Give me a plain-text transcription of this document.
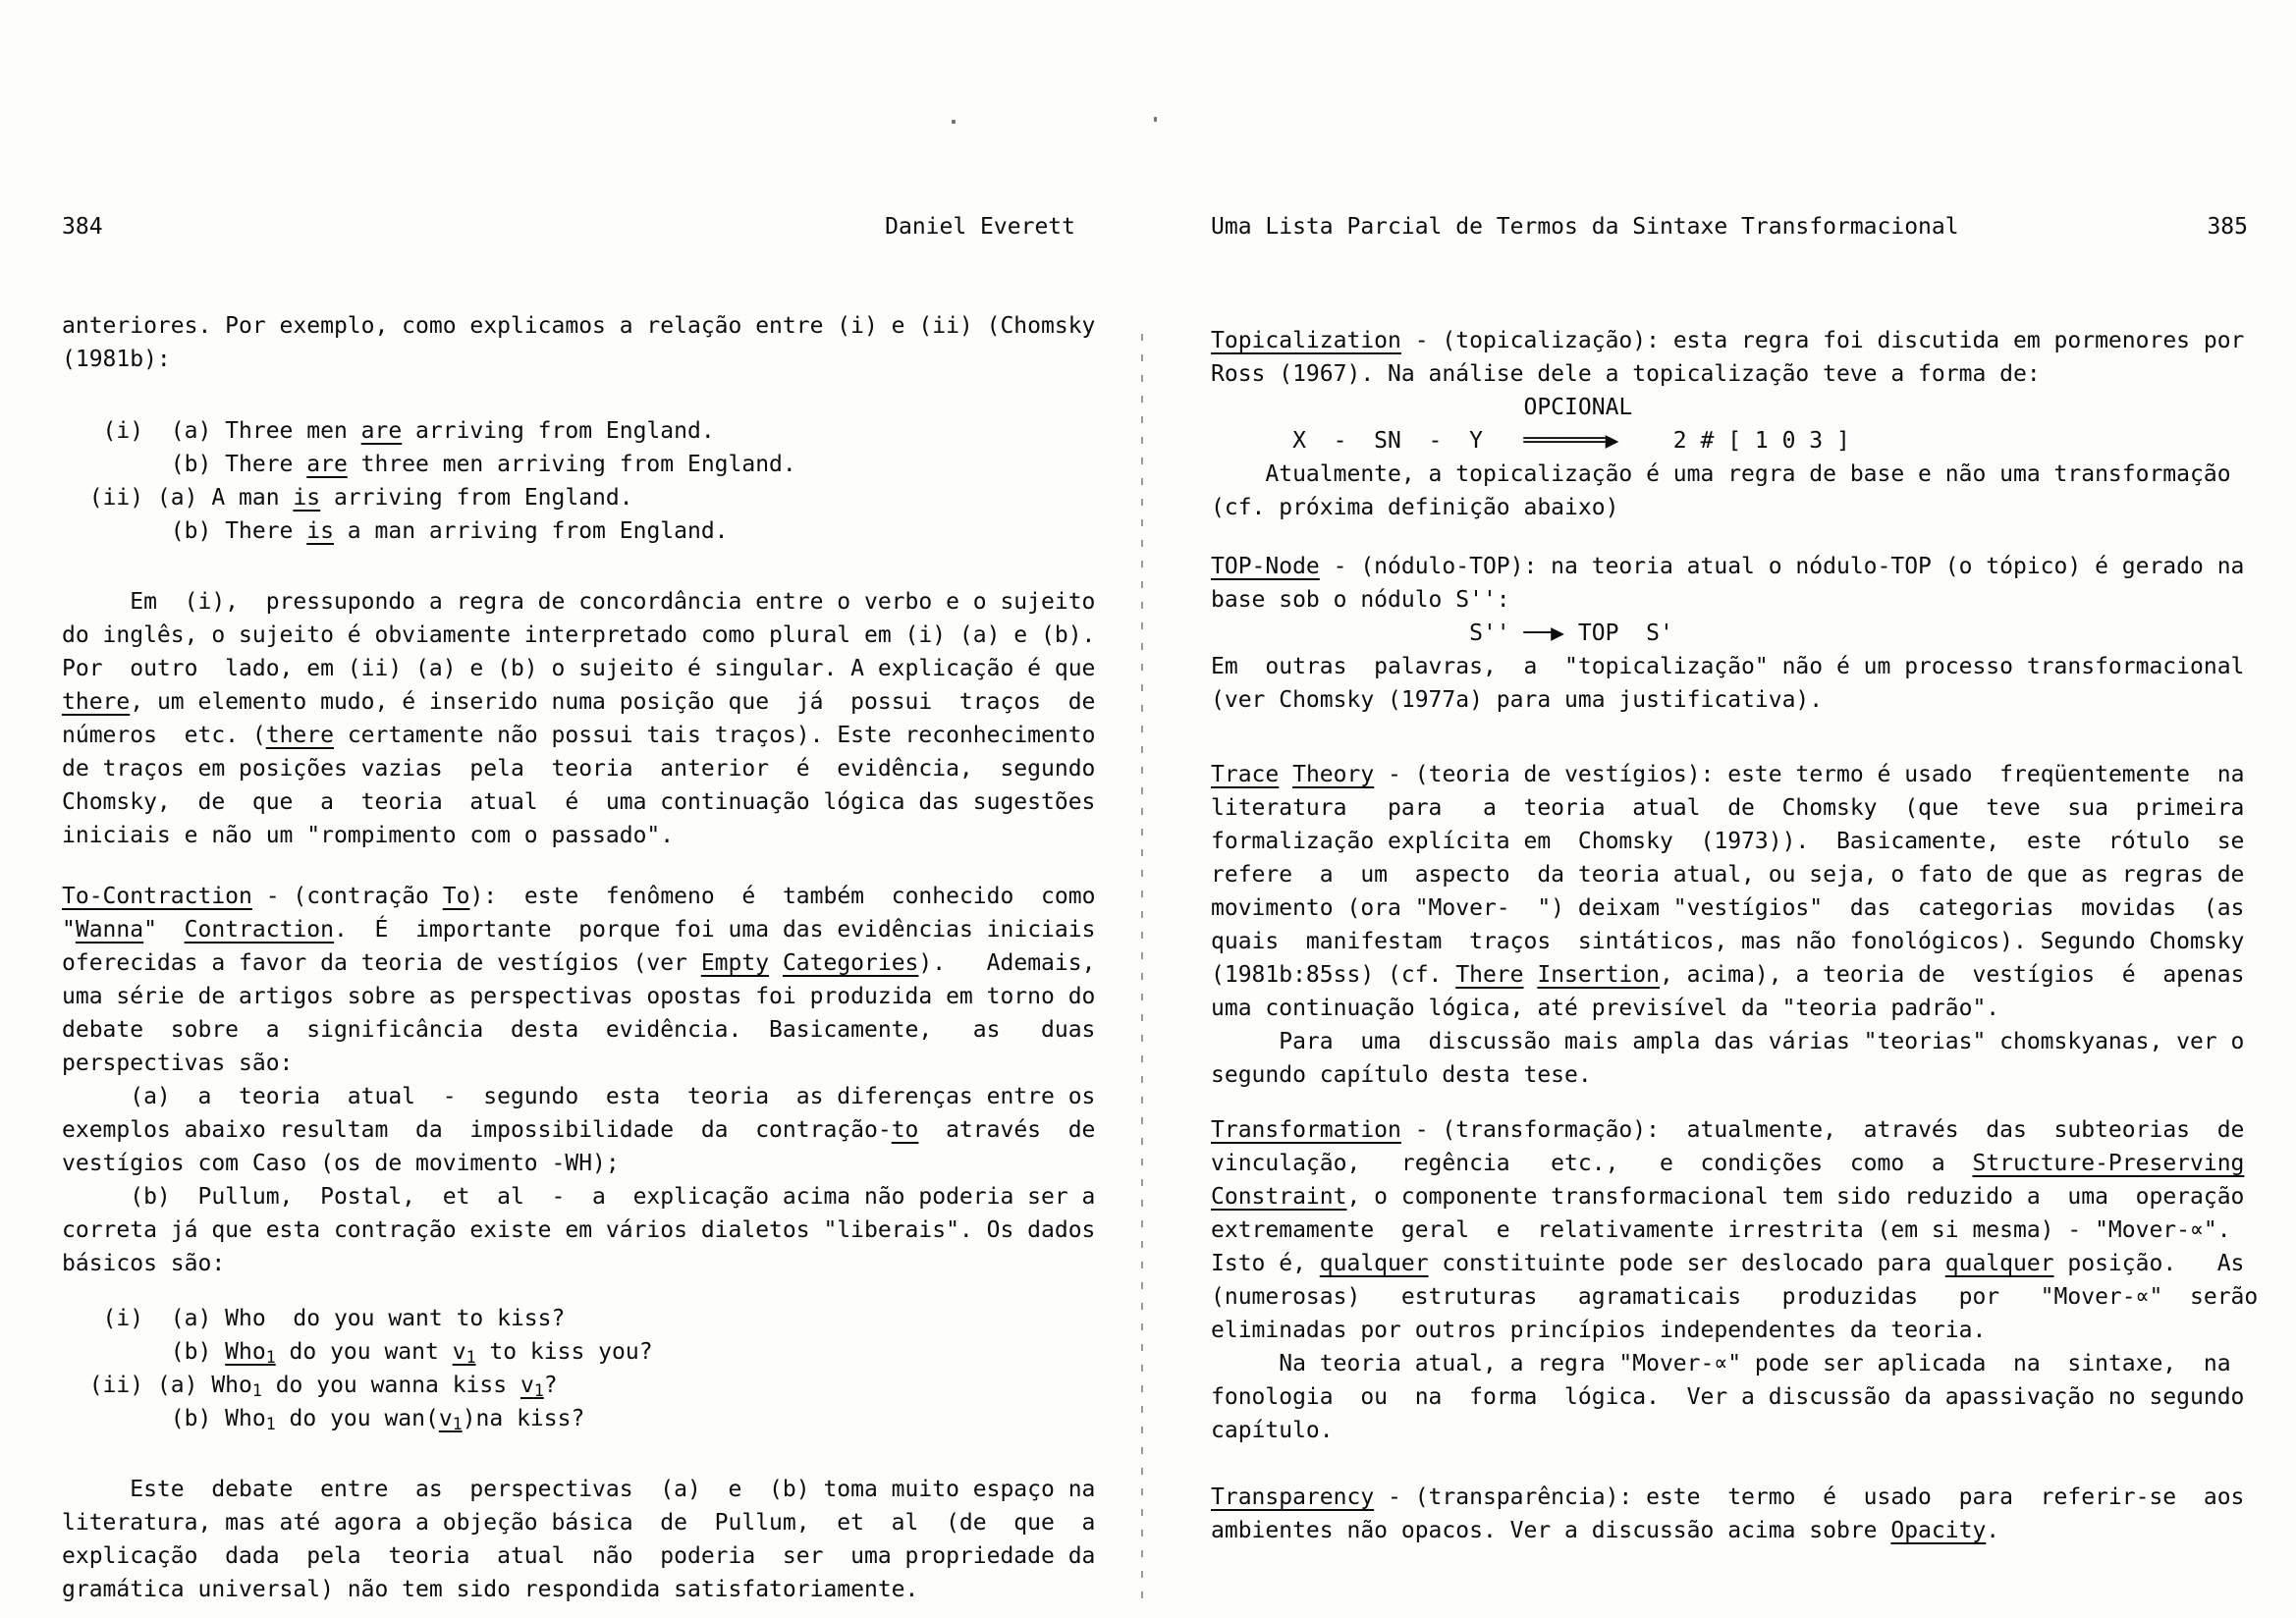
384	Daniel Everett	Uma Lista Parcial de Termos da Sintaxe Transformacional	385
anteriores. Por exemplo, como explicamos a relação entre (i) e (ii) (Chomsky
(1981b):
(i)  (a) Three men are arriving from England.
(b) There are three men arriving from England.
(ii) (a) A man is arriving from England.
(b) There is a man arriving from England.
Em  (i),  pressupondo a regra de concordância entre o verbo e o sujeito
do inglês, o sujeito é obviamente interpretado como plural em (i) (a) e (b).
Por  outro  lado, em (ii) (a) e (b) o sujeito é singular. A explicação é que
there, um elemento mudo, é inserido numa posição que  já  possui  traços  de
números  etc. (there certamente não possui tais traços). Este reconhecimento
de traços em posições vazias  pela  teoria  anterior  é  evidência,  segundo
Chomsky,  de  que  a  teoria  atual  é  uma continuação lógica das sugestões
iniciais e não um "rompimento com o passado".
To-Contraction - (contração To):  este  fenômeno  é  também  conhecido  como
"Wanna"  Contraction.  É  importante  porque foi uma das evidências iniciais
oferecidas a favor da teoria de vestígios (ver Empty Categories).   Ademais,
uma série de artigos sobre as perspectivas opostas foi produzida em torno do
debate  sobre  a  significância  desta  evidência.  Basicamente,   as   duas
perspectivas são:
(a)  a  teoria  atual  -  segundo  esta  teoria  as diferenças entre os
exemplos abaixo resultam  da  impossibilidade  da  contração-to  através  de
vestígios com Caso (os de movimento -WH);
(b)  Pullum,  Postal,  et  al  -  a  explicação acima não poderia ser a
correta já que esta contração existe em vários dialetos "liberais". Os dados
básicos são:
(i)  (a) Who  do you want to kiss?
(b) Who$_1$ do you want $v_1$ to kiss you?
(ii) (a) Who$_1$ do you wanna kiss $v_1$?
(b) Who$_1$ do you $wan(v_1)na$ kiss?
Este  debate  entre  as  perspectivas  (a)  e  (b) toma muito espaço na
literatura, mas até agora a objeção básica  de  Pullum,  et  al  (de  que  a
explicação  dada  pela  teoria  atual  não  poderia  ser  uma propriedade da
gramática universal) não tem sido respondida satisfatoriamente.
Topicalization - (topicalização): esta regra foi discutida em pormenores por
Ross (1967). Na análise dele a topicalização teve a forma de:
OPCIONAL
X  -  SN  -  Y   ══════▶    2 # [ 1 0 3 ]
Atualmente, a topicalização é uma regra de base e não uma transformação
(cf. próxima definição abaixo)
TOP-Node - (nódulo-TOP): na teoria atual o nódulo-TOP (o tópico) é gerado na
base sob o nódulo S'':
S'' ──▶ TOP  S'
Em  outras  palavras,  a  "topicalização" não é um processo transformacional
(ver Chomsky (1977a) para uma justificativa).
Trace Theory - (teoria de vestígios): este termo é usado  freqüentemente  na
literatura   para   a  teoria  atual  de  Chomsky  (que  teve  sua  primeira
formalização explícita em  Chomsky  (1973)).  Basicamente,  este  rótulo  se
refere  a  um  aspecto  da teoria atual, ou seja, o fato de que as regras de
movimento (ora "Mover-  ") deixam "vestígios"  das  categorias  movidas  (as
quais  manifestam  traços  sintáticos, mas não fonológicos). Segundo Chomsky
(1981b:85ss) (cf. There Insertion, acima), a teoria de  vestígios  é  apenas
uma continuação lógica, até previsível da "teoria padrão".
Para  uma  discussão mais ampla das várias "teorias" chomskyanas, ver o
segundo capítulo desta tese.
Transformation - (transformação):  atualmente,  através  das  subteorias  de
vinculação,   regência   etc.,   e  condições  como  a  Structure-Preserving
Constraint, o componente transformacional tem sido reduzido a  uma  operação
extremamente  geral  e  relativamente irrestrita (em si mesma) - "Mover-∝".
Isto é, qualquer constituinte pode ser deslocado para qualquer posição.   As
(numerosas)   estruturas   agramaticais   produzidas   por   "Mover-∝"  serão
eliminadas por outros princípios independentes da teoria.
Na teoria atual, a regra "Mover-∝" pode ser aplicada  na  sintaxe,  na
fonologia  ou  na  forma  lógica.  Ver a discussão da apassivação no segundo
capítulo.
Transparency - (transparência): este  termo  é  usado  para  referir-se  aos
ambientes não opacos. Ver a discussão acima sobre Opacity.
